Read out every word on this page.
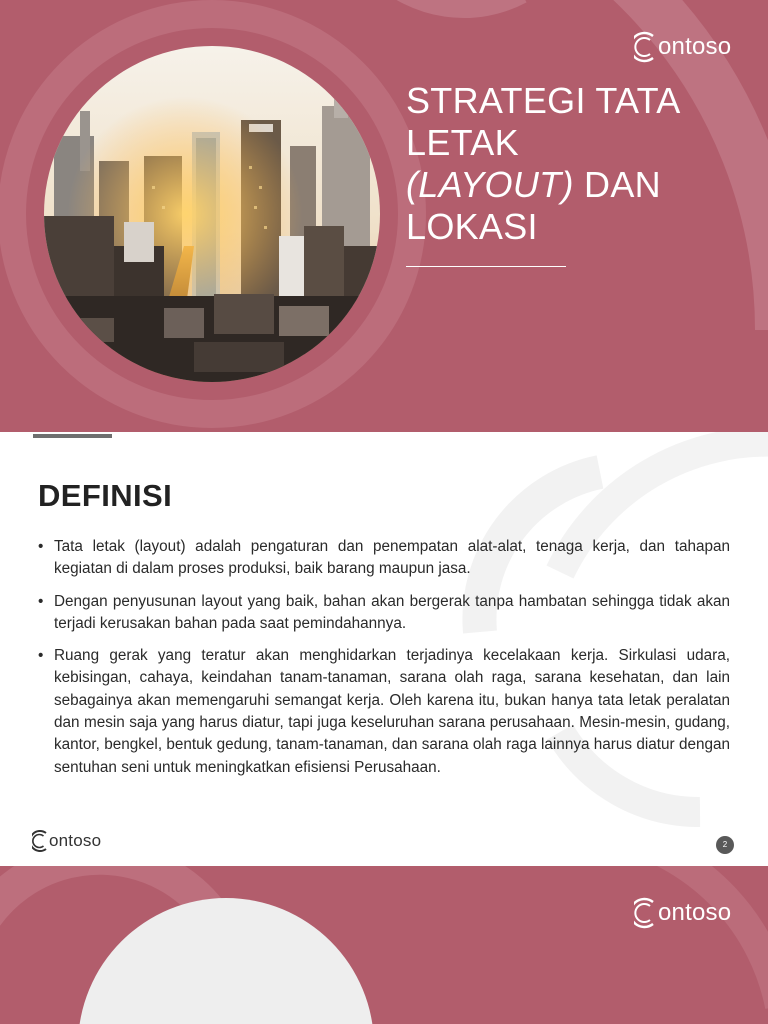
ontoso
STRATEGI TATA
LETAK
(LAYOUT) DAN
LOKASI
DEFINISI
• Tata letak (layout) adalah pengaturan dan penempatan alat-alat, tenaga kerja, dan tahapan kegiatan di dalam proses produksi, baik barang maupun jasa.
• Dengan penyusunan layout yang baik, bahan akan bergerak tanpa hambatan sehingga tidak akan terjadi kerusakan bahan pada saat pemindahannya.
• Ruang gerak yang teratur akan menghidarkan terjadinya kecelakaan kerja. Sirkulasi udara, kebisingan, cahaya, keindahan tanam-tanaman, sarana olah raga, sarana kesehatan, dan lain sebagainya akan memengaruhi semangat kerja. Oleh karena itu, bukan hanya tata letak peralatan dan mesin saja yang harus diatur, tapi juga keseluruhan sarana perusahaan. Mesin-mesin, gudang, kantor, bengkel, bentuk gedung, tanam-tanaman, dan sarana olah raga lainnya harus diatur dengan sentuhan seni untuk meningkatkan efisiensi Perusahaan.
ontoso	2
ontoso
